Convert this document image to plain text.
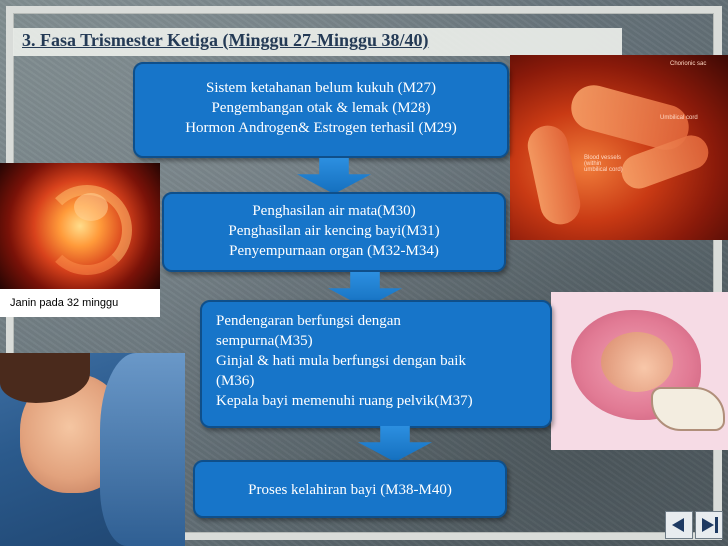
3. Fasa Trismester Ketiga (Minggu 27-Minggu 38/40)
Chorionic sac
Umbilical cord
Blood vessels (within umbilical cord)
Janin pada 32 minggu
Sistem ketahanan belum kukuh (M27)
Pengembangan otak & lemak (M28)
Hormon Androgen& Estrogen terhasil (M29)
Penghasilan air mata(M30)
Penghasilan air kencing bayi(M31)
Penyempurnaan organ (M32-M34)
Pendengaran berfungsi dengan
sempurna(M35)
Ginjal & hati mula berfungsi dengan baik
(M36)
Kepala bayi memenuhi ruang pelvik(M37)
Proses kelahiran bayi (M38-M40)
